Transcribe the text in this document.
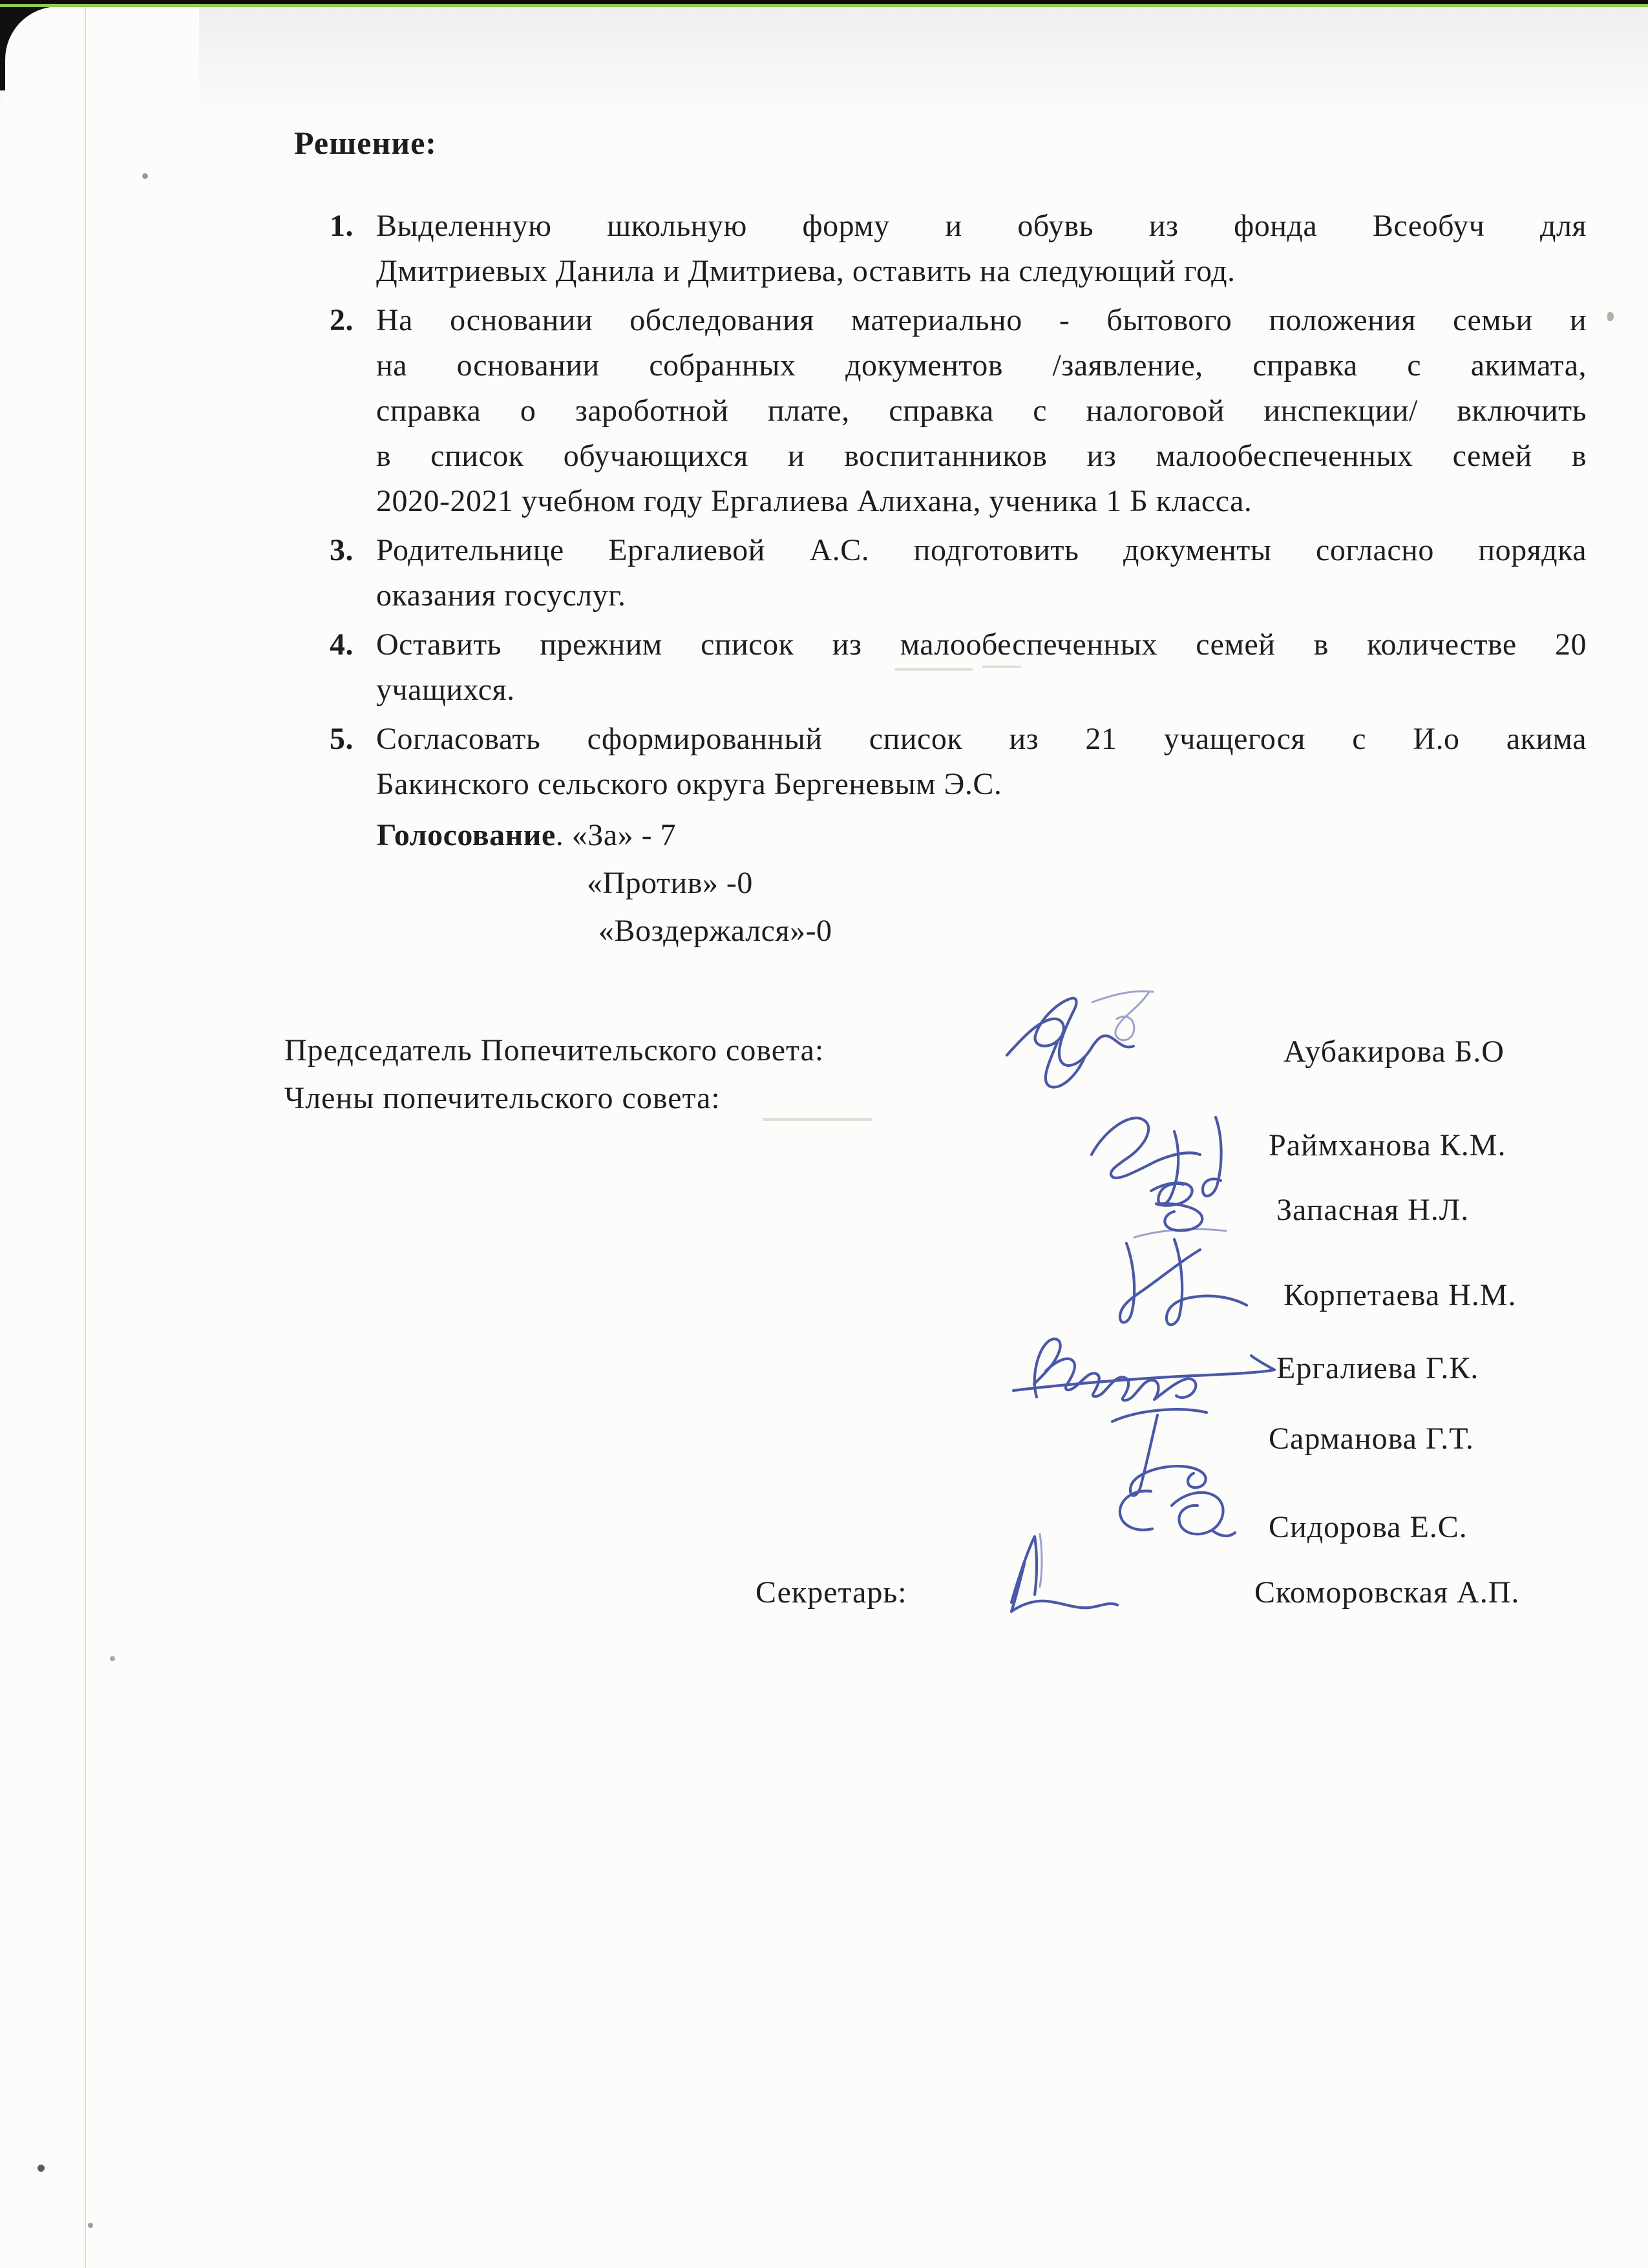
Решение:
1. Выделенную школьную форму и обувь из фонда Всеобуч для
Дмитриевых Данила и Дмитриева, оставить на следующий год.
2. На основании обследования материально - бытового положения семьи и
на основании собранных документов /заявление, справка с акимата,
справка о зароботной плате, справка с налоговой инспекции/ включить
в список обучающихся и воспитанников из малообеспеченных семей в
2020-2021 учебном году Ергалиева Алихана, ученика 1 Б класса.
3. Родительнице Ергалиевой А.С. подготовить документы согласно порядка
оказания госуслуг.
4. Оставить прежним список из малообеспеченных семей в количестве 20
учащихся.
5. Согласовать сформированный список из 21 учащегося с И.о акима
Бакинского сельского округа Бергеневым Э.С.
Голосование. «За» - 7
«Против» -0
«Воздержался»-0
Председатель Попечительского совета:	Аубакирова Б.О
Члены попечительского совета:
Раймханова К.М.
Запасная Н.Л.
Корпетаева Н.М.
Ергалиева Г.К.
Сарманова Г.Т.
Сидорова Е.С.
Секретарь:	Скоморовская А.П.
